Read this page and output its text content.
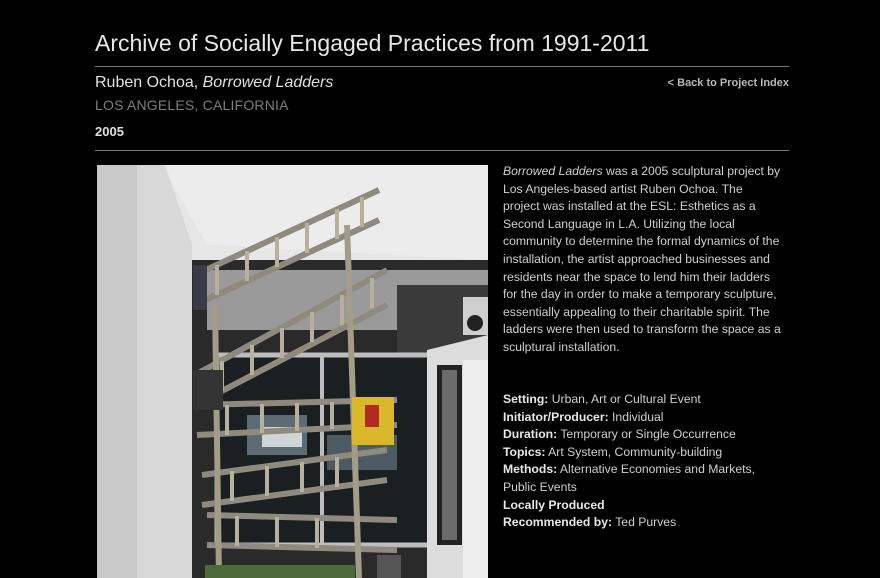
Archive of Socially Engaged Practices from 1991-2011
Ruben Ochoa, Borrowed Ladders	< Back to Project Index
LOS ANGELES, CALIFORNIA
2005

Borrowed Ladders was a 2005 sculptural project by Los Angeles-based artist Ruben Ochoa. The project was installed at the ESL: Esthetics as a Second Language in L.A. Utilizing the local community to determine the formal dynamics of the installation, the artist approached businesses and residents near the space to lend him their ladders for the day in order to make a temporary sculpture, essentially appealing to their charitable spirit. The ladders were then used to transform the space as a sculptural installation.

Setting: Urban, Art or Cultural Event

Initiator/Producer: Individual

Duration: Temporary or Single Occurrence

Topics: Art System, Community-building

Methods: Alternative Economies and Markets, Public Events

Locally Produced

Recommended by: Ted Purves
